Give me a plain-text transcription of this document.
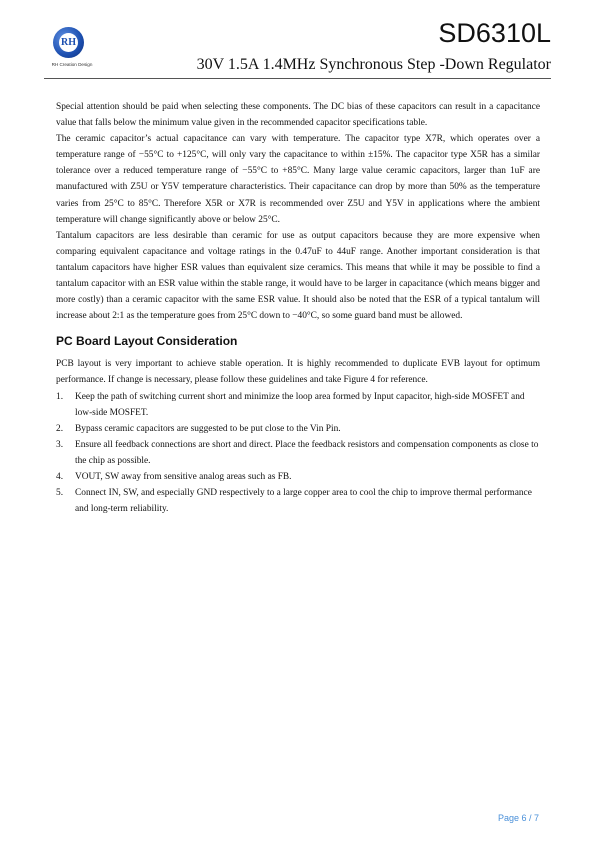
RH
RH Creation Design
SD6310L
30V 1.5A 1.4MHz Synchronous Step -Down Regulator

Special attention should be paid when selecting these components. The DC bias of these capacitors can result in a capacitance value that falls below the minimum value given in the recommended capacitor specifications table.

The ceramic capacitor’s actual capacitance can vary with temperature. The capacitor type X7R, which operates over a temperature range of −55°C to +125°C, will only vary the capacitance to within ±15%. The capacitor type X5R has a similar tolerance over a reduced temperature range of −55°C to +85°C. Many large value ceramic capacitors, larger than 1uF are manufactured with Z5U or Y5V temperature characteristics. Their capacitance can drop by more than 50% as the temperature varies from 25°C to 85°C. Therefore X5R or X7R is recommended over Z5U and Y5V in applications where the ambient temperature will change significantly above or below 25°C.

Tantalum capacitors are less desirable than ceramic for use as output capacitors because they are more expensive when comparing equivalent capacitance and voltage ratings in the 0.47uF to 44uF range. Another important consideration is that tantalum capacitors have higher ESR values than equivalent size ceramics. This means that while it may be possible to find a tantalum capacitor with an ESR value within the stable range, it would have to be larger in capacitance (which means bigger and more costly) than a ceramic capacitor with the same ESR value. It should also be noted that the ESR of a typical tantalum will increase about 2:1 as the temperature goes from 25°C down to −40°C, so some guard band must be allowed.

PC Board Layout Consideration

PCB layout is very important to achieve stable operation. It is highly recommended to duplicate EVB layout for optimum performance. If change is necessary, please follow these guidelines and take Figure 4 for reference.

1. Keep the path of switching current short and minimize the loop area formed by Input capacitor, high-side MOSFET and low-side MOSFET.
2. Bypass ceramic capacitors are suggested to be put close to the Vin Pin.
3. Ensure all feedback connections are short and direct. Place the feedback resistors and compensation components as close to the chip as possible.
4. VOUT, SW away from sensitive analog areas such as FB.
5. Connect IN, SW, and especially GND respectively to a large copper area to cool the chip to improve thermal performance and long-term reliability.
Page 6 / 7
